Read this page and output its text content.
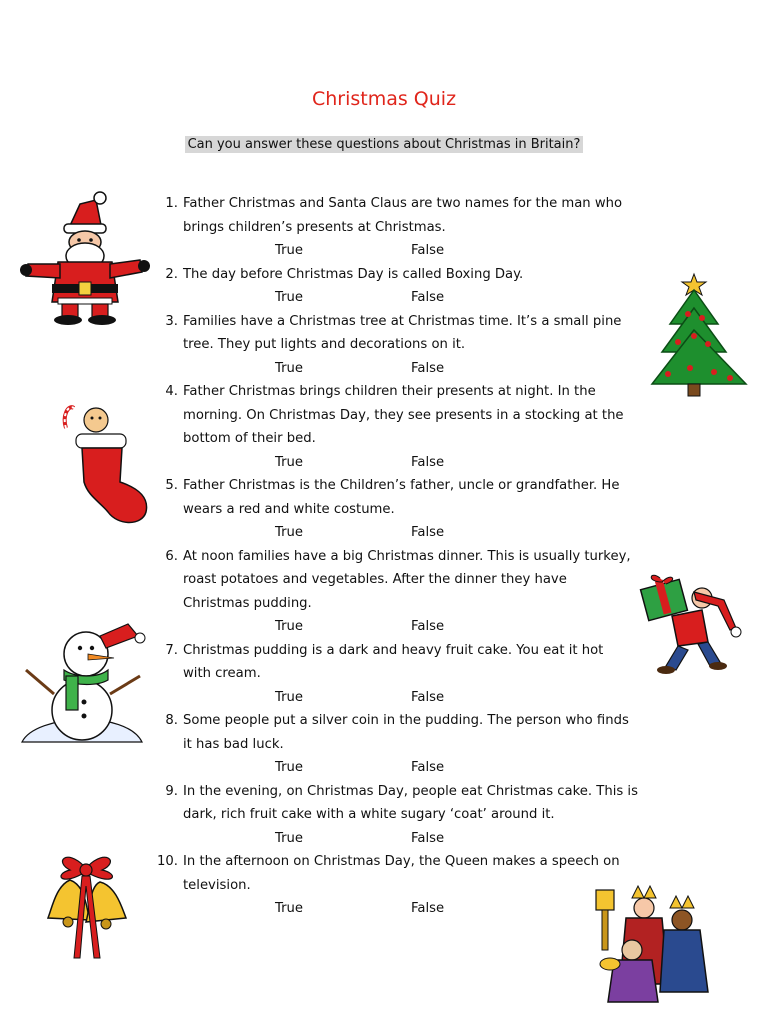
Christmas Quiz
Can you answer these questions about Christmas in Britain?
1. Father Christmas and Santa Claus are two names for the man who
brings children’s presents at Christmas.
True	False
2. The day before Christmas Day is called Boxing Day.
True	False
3. Families have a Christmas tree at Christmas time. It’s a small pine
tree. They put lights and decorations on it.
True	False
4. Father Christmas brings children their presents at night. In the
morning. On Christmas Day, they see presents in a stocking at the
bottom of their bed.
True	False
5. Father Christmas is the Children’s father, uncle or grandfather. He
wears a red and white costume.
True	False
6. At noon families have a big Christmas dinner. This is usually turkey,
roast potatoes and vegetables. After the dinner they have
Christmas pudding.
True	False
7. Christmas pudding is a dark and heavy fruit cake. You eat it hot
with cream.
True	False
8. Some people put a silver coin in the pudding. The person who finds
it has bad luck.
True	False
9. In the evening, on Christmas Day, people eat Christmas cake. This is
dark, rich fruit cake with a white sugary ‘coat’ around it.
True	False
10. In the afternoon on Christmas Day, the Queen makes a speech on
television.
True	False
